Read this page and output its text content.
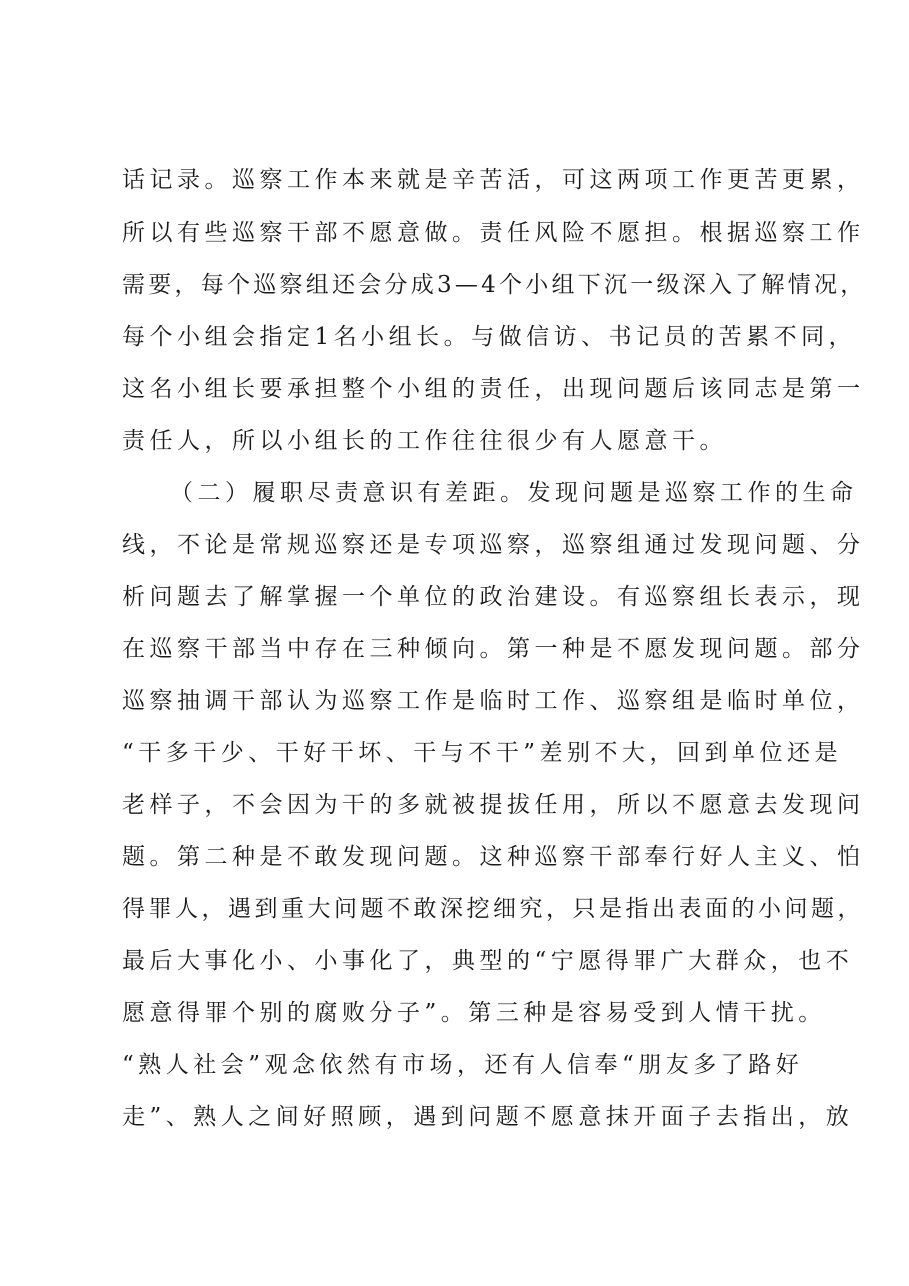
话记录。巡察工作本来就是辛苦活，可这两项工作更苦更累，
所以有些巡察干部不愿意做。责任风险不愿担。根据巡察工作
需要，每个巡察组还会分成3—4个小组下沉一级深入了解情况，
每个小组会指定1名小组长。与做信访、书记员的苦累不同，
这名小组长要承担整个小组的责任，出现问题后该同志是第一
责任人，所以小组长的工作往往很少有人愿意干。
（二）履职尽责意识有差距。发现问题是巡察工作的生命
线，不论是常规巡察还是专项巡察，巡察组通过发现问题、分
析问题去了解掌握一个单位的政治建设。有巡察组长表示，现
在巡察干部当中存在三种倾向。第一种是不愿发现问题。部分
巡察抽调干部认为巡察工作是临时工作、巡察组是临时单位，
“干多干少、干好干坏、干与不干”差别不大，回到单位还是
老样子，不会因为干的多就被提拔任用，所以不愿意去发现问
题。第二种是不敢发现问题。这种巡察干部奉行好人主义、怕
得罪人，遇到重大问题不敢深挖细究，只是指出表面的小问题，
最后大事化小、小事化了，典型的“宁愿得罪广大群众，也不
愿意得罪个别的腐败分子”。第三种是容易受到人情干扰。
“熟人社会”观念依然有市场，还有人信奉“朋友多了路好
走”、熟人之间好照顾，遇到问题不愿意抹开面子去指出，放
